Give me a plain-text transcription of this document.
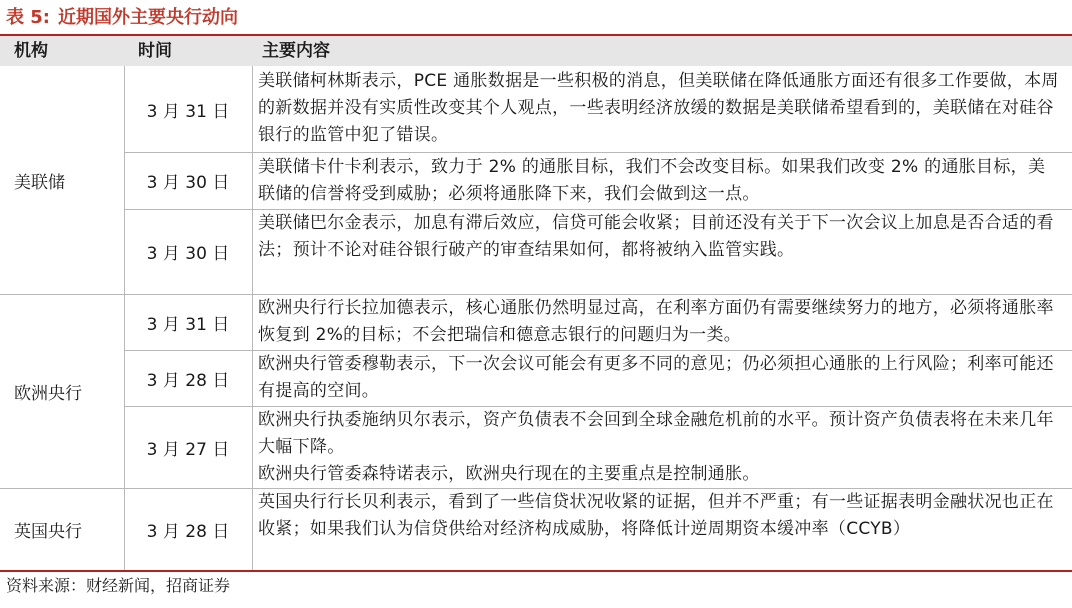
表 5: 近期国外主要央行动向
机构	时间	主要内容
美联储
欧洲央行
英国央行
3 月 31 日
3 月 30 日
3 月 30 日
3 月 31 日
3 月 28 日
3 月 27 日
3 月 28 日
美联储柯林斯表示，PCE 通胀数据是一些积极的消息，但美联储在降低通胀方面还有很多工作要做，本周的新数据并没有实质性改变其个人观点，一些表明经济放缓的数据是美联储希望看到的，美联储在对硅谷银行的监管中犯了错误。
美联储卡什卡利表示，致力于 2% 的通胀目标，我们不会改变目标。如果我们改变 2% 的通胀目标，美联储的信誉将受到威胁；必须将通胀降下来，我们会做到这一点。
美联储巴尔金表示，加息有滞后效应，信贷可能会收紧；目前还没有关于下一次会议上加息是否合适的看法；预计不论对硅谷银行破产的审查结果如何，都将被纳入监管实践。
欧洲央行行长拉加德表示，核心通胀仍然明显过高，在利率方面仍有需要继续努力的地方，必须将通胀率恢复到 2%的目标；不会把瑞信和德意志银行的问题归为一类。
欧洲央行管委穆勒表示，下一次会议可能会有更多不同的意见；仍必须担心通胀的上行风险；利率可能还有提高的空间。
欧洲央行执委施纳贝尔表示，资产负债表不会回到全球金融危机前的水平。预计资产负债表将在未来几年大幅下降。
欧洲央行管委森特诺表示，欧洲央行现在的主要重点是控制通胀。
英国央行行长贝利表示，看到了一些信贷状况收紧的证据，但并不严重；有一些证据表明金融状况也正在收紧；如果我们认为信贷供给对经济构成威胁，将降低计逆周期资本缓冲率（CCYB）
资料来源：财经新闻，招商证券
